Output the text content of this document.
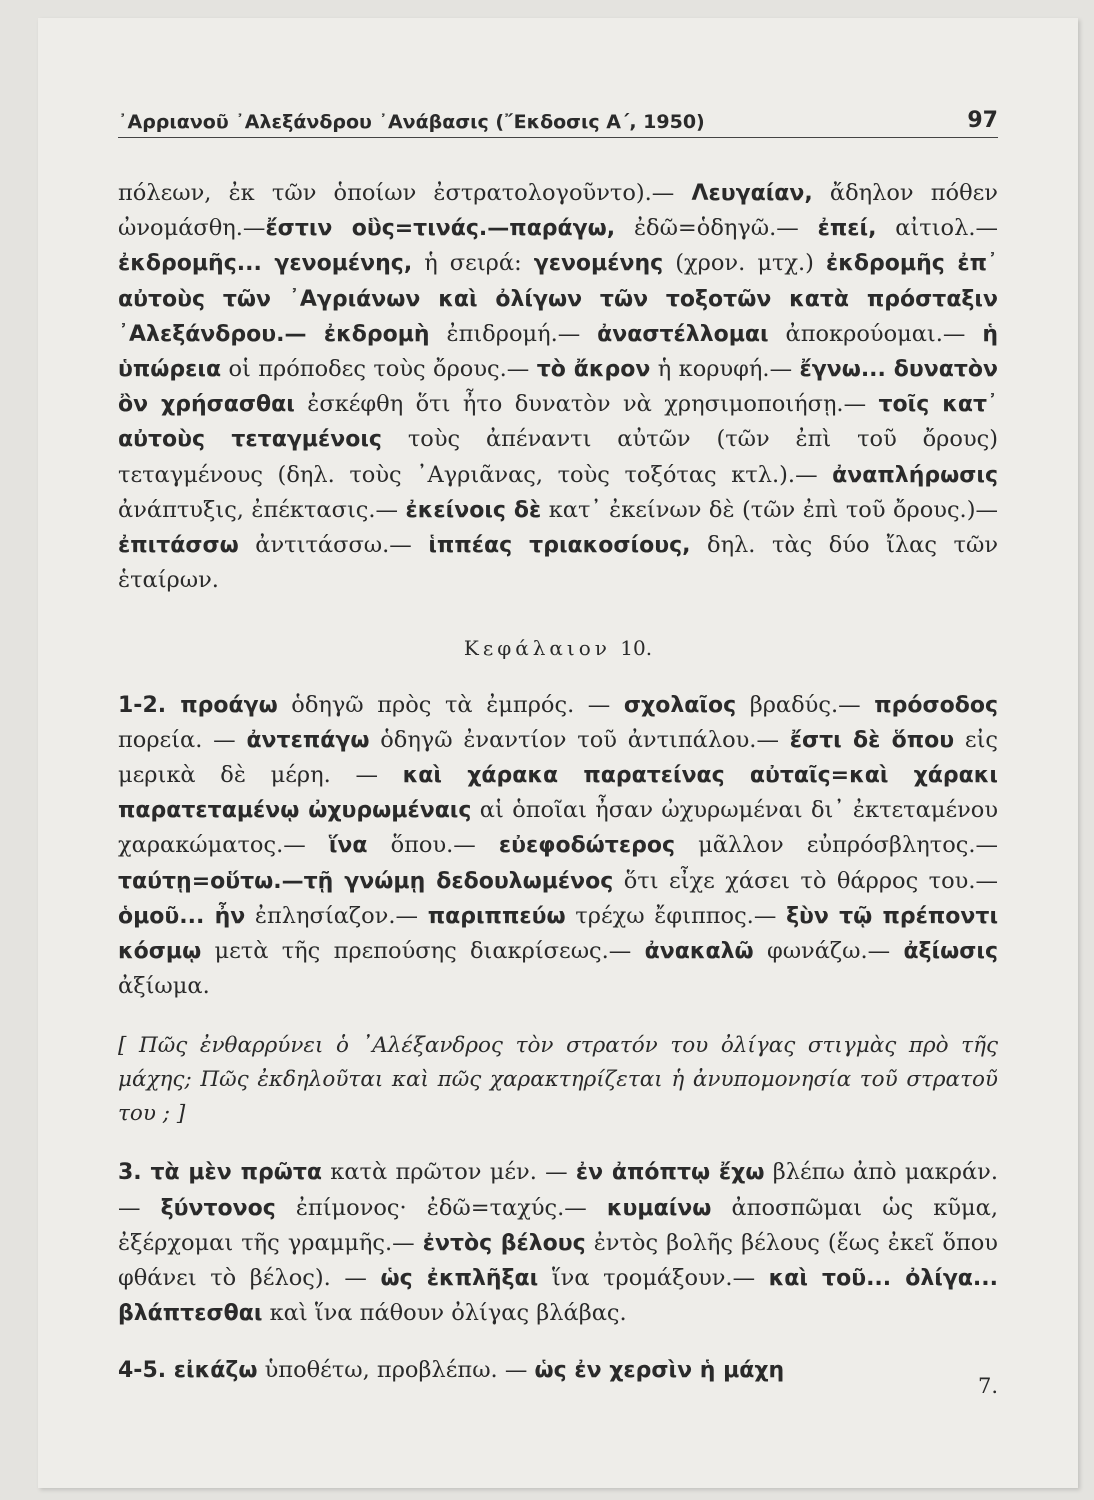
᾿Αρριανοῦ ᾿Αλεξάνδρου ᾿Ανάβασις (῎Εκδοσις Α΄, 1950)	97

πόλεων, ἐκ τῶν ὁποίων ἐστρατολογοῦντο).— Λευγαίαν, ἄδηλον πόθεν ὠνομάσθη.—ἔστιν οὓς=τινάς.—παράγω, ἐδῶ=ὁδηγῶ.— ἐπεί, αἰτιολ.— ἐκδρομῆς... γενομένης, ἡ σειρά: γενομένης (χρον. μτχ.) ἐκδρομῆς ἐπ᾿ αὐτοὺς τῶν ᾿Αγριάνων καὶ ὀλίγων τῶν τοξοτῶν κατὰ πρόσταξιν ᾿Αλεξάνδρου.— ἐκδρομὴ ἐπιδρομή.— ἀναστέλλομαι ἀποκρούομαι.— ἡ ὑπώρεια οἱ πρόποδες τοὺς ὄρους.— τὸ ἄκρον ἡ κορυφή.— ἔγνω... δυνατὸν ὂν χρήσασθαι ἐσκέφθη ὅτι ἦτο δυνατὸν νὰ χρησιμοποιήσῃ.— τοῖς κατ᾿ αὐτοὺς τεταγμένοις τοὺς ἀπέναντι αὐτῶν (τῶν ἐπὶ τοῦ ὄρους) τεταγμένους (δηλ. τοὺς ᾿Αγριᾶνας, τοὺς τοξότας κτλ.).— ἀναπλήρωσις ἀνάπτυξις, ἐπέκτασις.— ἐκείνοις δὲ κατ᾿ ἐκείνων δὲ (τῶν ἐπὶ τοῦ ὄρους.)— ἐπιτάσσω ἀντιτάσσω.— ἱππέας τριακοσίους, δηλ. τὰς δύο ἴλας τῶν ἑταίρων.

Κεφάλαιον 10.

1-2. προάγω ὁδηγῶ πρὸς τὰ ἐμπρός. — σχολαῖος βραδύς.— πρόσοδος πορεία. — ἀντεπάγω ὁδηγῶ ἐναντίον τοῦ ἀντιπάλου.— ἔστι δὲ ὅπου εἰς μερικὰ δὲ μέρη. — καὶ χάρακα παρατείνας αὐταῖς=καὶ χάρακι παρατεταμένῳ ὠχυρωμέναις αἱ ὁποῖαι ἦσαν ὠχυρωμέναι δι᾿ ἐκτεταμένου χαρακώματος.— ἵνα ὅπου.— εὐεφοδώτερος μᾶλλον εὐπρόσβλητος.—ταύτῃ=οὕτω.—τῇ γνώμῃ δεδουλωμένος ὅτι εἶχε χάσει τὸ θάρρος του.— ὁμοῦ... ἦν ἐπλησίαζον.— παριππεύω τρέχω ἔφιππος.— ξὺν τῷ πρέποντι κόσμῳ μετὰ τῆς πρεπούσης διακρίσεως.— ἀνακαλῶ φωνάζω.— ἀξίωσις ἀξίωμα.

[ Πῶς ἐνθαρρύνει ὁ ᾿Αλέξανδρος τὸν στρατόν του ὀλίγας στιγμὰς πρὸ τῆς μάχης; Πῶς ἐκδηλοῦται καὶ πῶς χαρακτηρίζεται ἡ ἀνυπομονησία τοῦ στρατοῦ του ; ]

3. τὰ μὲν πρῶτα κατὰ πρῶτον μέν. — ἐν ἀπόπτῳ ἔχω βλέπω ἀπὸ μακράν.— ξύντονος ἐπίμονος· ἐδῶ=ταχύς.— κυμαίνω ἀποσπῶμαι ὡς κῦμα, ἐξέρχομαι τῆς γραμμῆς.— ἐντὸς βέλους ἐντὸς βολῆς βέλους (ἕως ἐκεῖ ὅπου φθάνει τὸ βέλος). — ὡς ἐκπλῆξαι ἵνα τρομάξουν.— καὶ τοῦ... ὀλίγα... βλάπτεσθαι καὶ ἵνα πάθουν ὀλίγας βλάβας.

4-5. εἰκάζω ὑποθέτω, προβλέπω. — ὡς ἐν χερσὶν ἡ μάχη

7.
